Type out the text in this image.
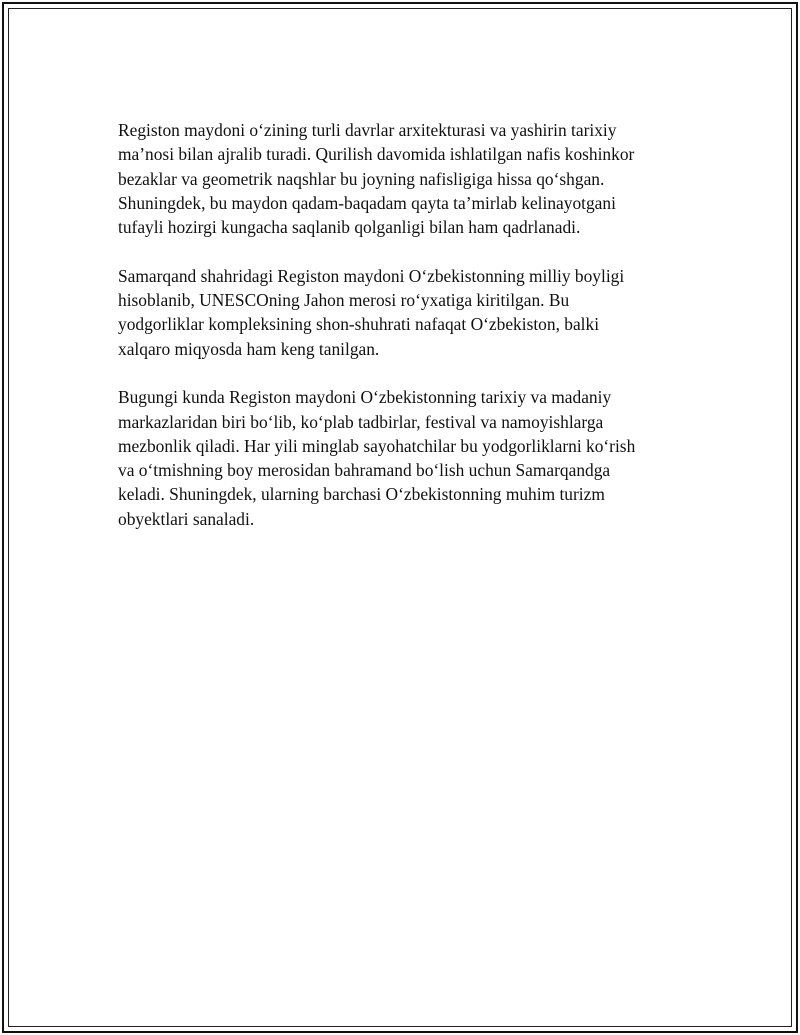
Registon maydoni oʻzining turli davrlar arxitekturasi va yashirin tarixiy
maʼnosi bilan ajralib turadi. Qurilish davomida ishlatilgan nafis koshinkor
bezaklar va geometrik naqshlar bu joyning nafisligiga hissa qoʻshgan.
Shuningdek, bu maydon qadam-baqadam qayta taʼmirlab kelinayotgani
tufayli hozirgi kungacha saqlanib qolganligi bilan ham qadrlanadi.

Samarqand shahridagi Registon maydoni Oʻzbekistonning milliy boyligi
hisoblanib, UNESCOning Jahon merosi roʻyxatiga kiritilgan. Bu
yodgorliklar kompleksining shon-shuhrati nafaqat Oʻzbekiston, balki
xalqaro miqyosda ham keng tanilgan.

Bugungi kunda Registon maydoni Oʻzbekistonning tarixiy va madaniy
markazlaridan biri boʻlib, koʻplab tadbirlar, festival va namoyishlarga
mezbonlik qiladi. Har yili minglab sayohatchilar bu yodgorliklarni koʻrish
va oʻtmishning boy merosidan bahramand boʻlish uchun Samarqandga
keladi. Shuningdek, ularning barchasi Oʻzbekistonning muhim turizm
obyektlari sanaladi.
